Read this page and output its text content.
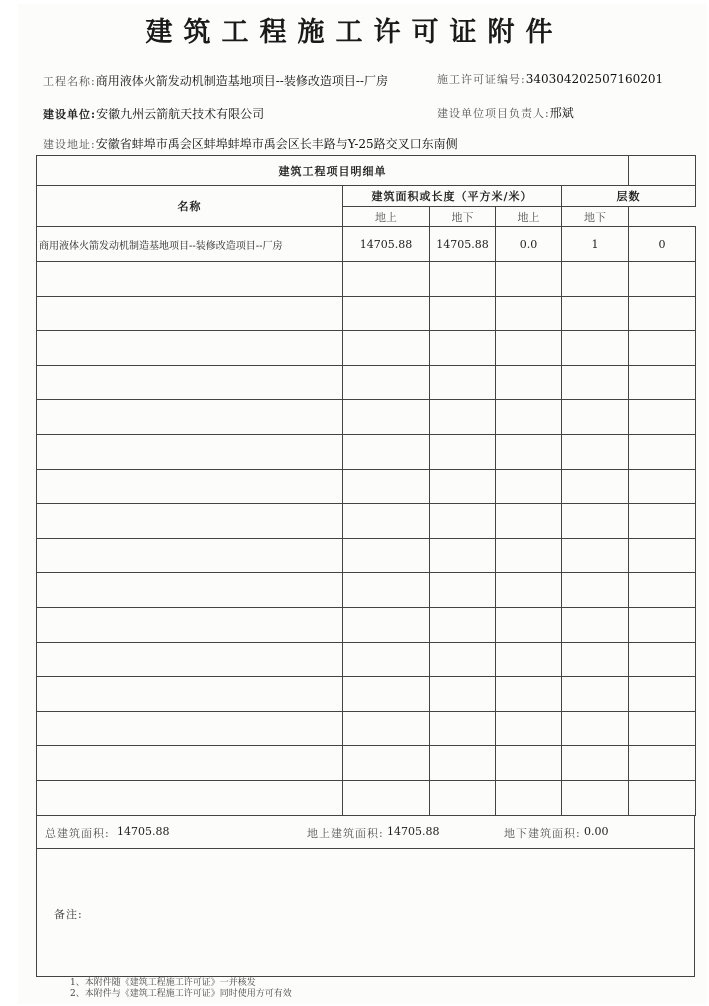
建筑工程施工许可证附件
工程名称:商用液体火箭发动机制造基地项目--装修改造项目--厂房	施工许可证编号:340304202507160201
建设单位:安徽九州云箭航天技术有限公司	建设单位项目负责人:邢斌
建设地址:安徽省蚌埠市禹会区蚌埠蚌埠市禹会区长丰路与Y-25路交叉口东南侧
建筑工程项目明细单					
名称	建筑面积或长度（平方米/米）			层数	
	地上	地下	地上	地下	
商用液体火箭发动机制造基地项目--装修改造项目--厂房	14705.88	14705.88	0.0	1	0

总建筑面积: 14705.88	地上建筑面积: 14705.88	地下建筑面积: 0.00
备注:
1、本附件随《建筑工程施工许可证》一并核发
2、本附件与《建筑工程施工许可证》同时使用方可有效
